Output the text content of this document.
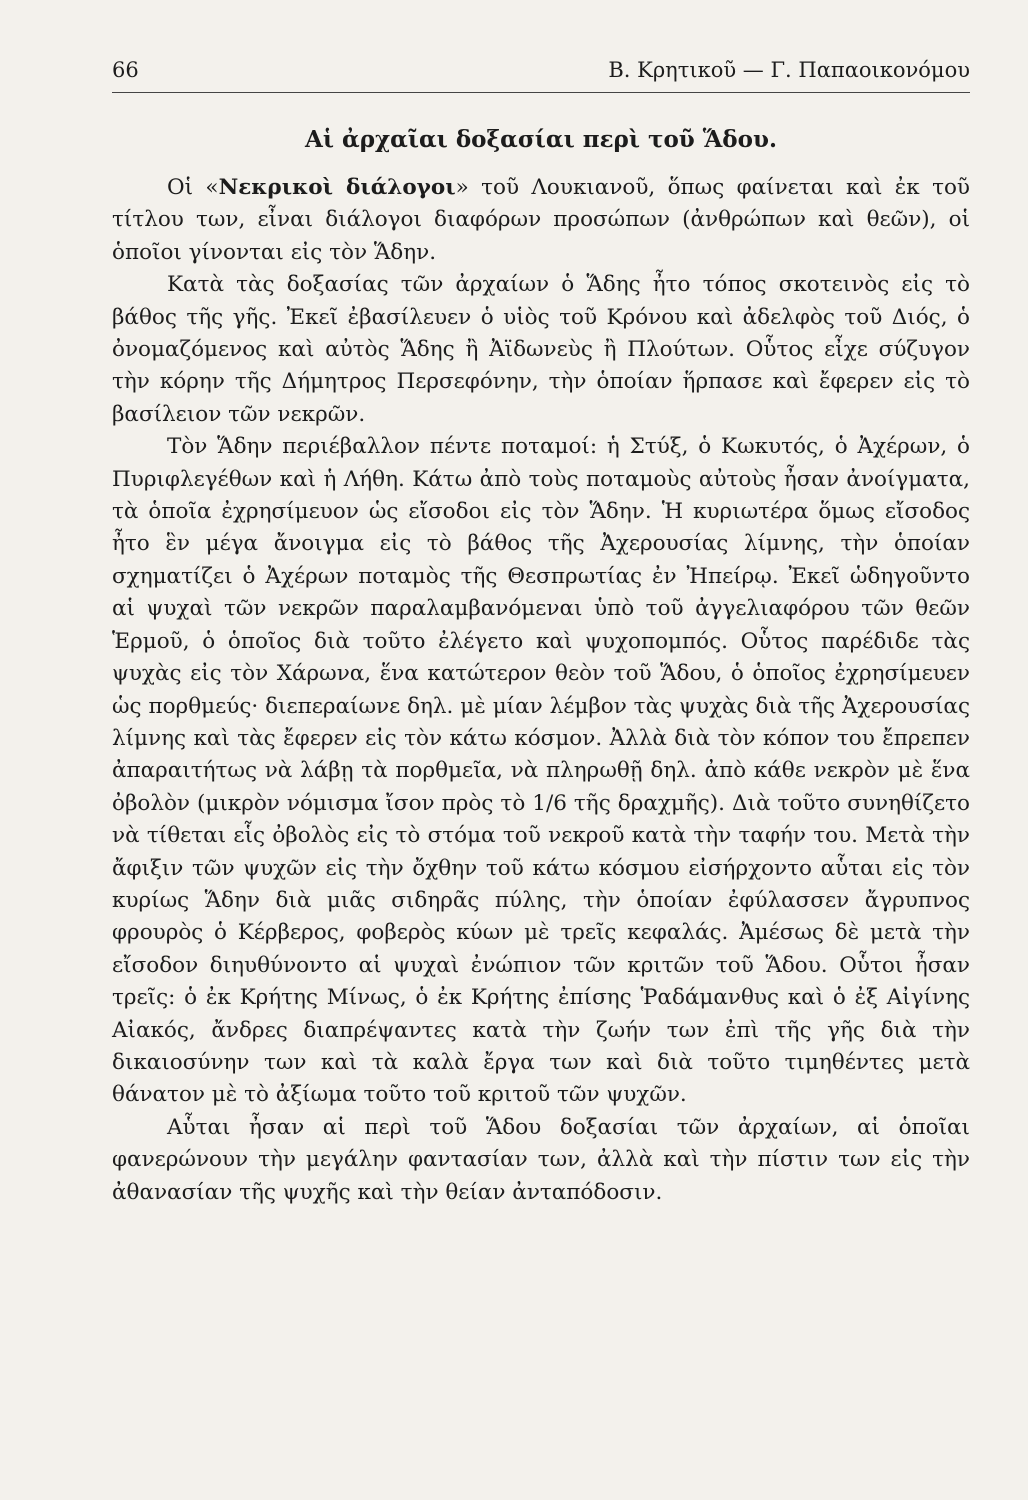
66	Β. Κρητικοῦ — Γ. Παπαοικονόμου
Αἱ ἀρχαῖαι δοξασίαι περὶ τοῦ Ἅδου.

Οἱ «Νεκρικοὶ διάλογοι» τοῦ Λουκιανοῦ, ὅπως φαίνεται καὶ ἐκ τοῦ τίτλου των, εἶναι διάλογοι διαφόρων προσώπων (ἀνθρώπων καὶ θεῶν), οἱ ὁποῖοι γίνονται εἰς τὸν Ἅδην.

Κατὰ τὰς δοξασίας τῶν ἀρχαίων ὁ Ἅδης ἦτο τόπος σκοτεινὸς εἰς τὸ βάθος τῆς γῆς. Ἐκεῖ ἐβασίλευεν ὁ υἱὸς τοῦ Κρόνου καὶ ἀδελφὸς τοῦ Διός, ὁ ὀνομαζόμενος καὶ αὐτὸς Ἅδης ἢ Ἀϊδωνεὺς ἢ Πλούτων. Οὗτος εἶχε σύζυγον τὴν κόρην τῆς Δήμητρος Περσεφόνην, τὴν ὁποίαν ἥρπασε καὶ ἔφερεν εἰς τὸ βασίλειον τῶν νεκρῶν.

Τὸν Ἅδην περιέβαλλον πέντε ποταμοί: ἡ Στύξ, ὁ Κωκυτός, ὁ Ἀχέρων, ὁ Πυριφλεγέθων καὶ ἡ Λήθη. Κάτω ἀπὸ τοὺς ποταμοὺς αὐτοὺς ἦσαν ἀνοίγματα, τὰ ὁποῖα ἐχρησίμευον ὡς εἴσοδοι εἰς τὸν Ἅδην. Ἡ κυριωτέρα ὅμως εἴσοδος ἦτο ἓν μέγα ἄνοιγμα εἰς τὸ βάθος τῆς Ἀχερουσίας λίμνης, τὴν ὁποίαν σχηματίζει ὁ Ἀχέρων ποταμὸς τῆς Θεσπρωτίας ἐν Ἠπείρῳ. Ἐκεῖ ὡδηγοῦντο αἱ ψυχαὶ τῶν νεκρῶν παραλαμβανόμεναι ὑπὸ τοῦ ἀγγελιαφόρου τῶν θεῶν Ἑρμοῦ, ὁ ὁποῖος διὰ τοῦτο ἐλέγετο καὶ ψυχοπομπός. Οὗτος παρέδιδε τὰς ψυχὰς εἰς τὸν Χάρωνα, ἕνα κατώτερον θεὸν τοῦ Ἅδου, ὁ ὁποῖος ἐχρησίμευεν ὡς πορθμεύς· διεπεραίωνε δηλ. μὲ μίαν λέμβον τὰς ψυχὰς διὰ τῆς Ἀχερουσίας λίμνης καὶ τὰς ἔφερεν εἰς τὸν κάτω κόσμον. Ἀλλὰ διὰ τὸν κόπον του ἔπρεπεν ἀπαραιτήτως νὰ λάβῃ τὰ πορθμεῖα, νὰ πληρωθῇ δηλ. ἀπὸ κάθε νεκρὸν μὲ ἕνα ὀβολὸν (μικρὸν νόμισμα ἴσον πρὸς τὸ 1/6 τῆς δραχμῆς). Διὰ τοῦτο συνηθίζετο νὰ τίθεται εἷς ὀβολὸς εἰς τὸ στόμα τοῦ νεκροῦ κατὰ τὴν ταφήν του. Μετὰ τὴν ἄφιξιν τῶν ψυχῶν εἰς τὴν ὄχθην τοῦ κάτω κόσμου εἰσήρχοντο αὗται εἰς τὸν κυρίως Ἅδην διὰ μιᾶς σιδηρᾶς πύλης, τὴν ὁποίαν ἐφύλασσεν ἄγρυπνος φρουρὸς ὁ Κέρβερος, φοβερὸς κύων μὲ τρεῖς κεφαλάς. Ἀμέσως δὲ μετὰ τὴν εἴσοδον διηυθύνοντο αἱ ψυχαὶ ἐνώπιον τῶν κριτῶν τοῦ Ἅδου. Οὗτοι ἦσαν τρεῖς: ὁ ἐκ Κρήτης Μίνως, ὁ ἐκ Κρήτης ἐπίσης Ῥαδάμανθυς καὶ ὁ ἐξ Αἰγίνης Αἰακός, ἄνδρες διαπρέψαντες κατὰ τὴν ζωήν των ἐπὶ τῆς γῆς διὰ τὴν δικαιοσύνην των καὶ τὰ καλὰ ἔργα των καὶ διὰ τοῦτο τιμηθέντες μετὰ θάνατον μὲ τὸ ἀξίωμα τοῦτο τοῦ κριτοῦ τῶν ψυχῶν.

Αὗται ἦσαν αἱ περὶ τοῦ Ἅδου δοξασίαι τῶν ἀρχαίων, αἱ ὁποῖαι φανερώνουν τὴν μεγάλην φαντασίαν των, ἀλλὰ καὶ τὴν πίστιν των εἰς τὴν ἀθανασίαν τῆς ψυχῆς καὶ τὴν θείαν ἀνταπόδοσιν.
